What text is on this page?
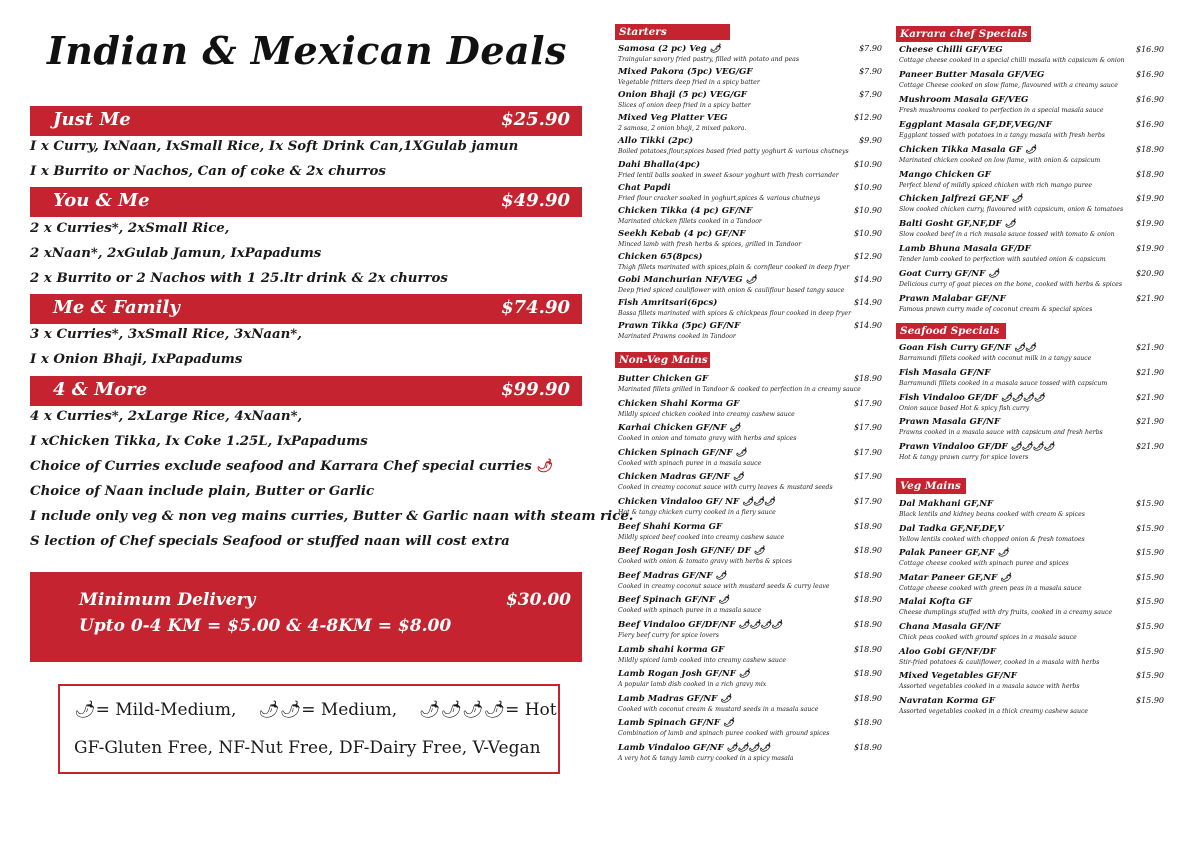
Indian & Mexican Deals
Just Me	$25.90
I x Curry, IxNaan, IxSmall Rice, Ix Soft Drink Can,1XGulab jamun
I x Burrito or Nachos, Can of coke & 2x churros
You & Me	$49.90
2 x Curries*, 2xSmall Rice,
2 xNaan*, 2xGulab Jamun, IxPapadums
2 x Burrito or 2 Nachos with 1 25.ltr drink & 2x churros
Me & Family	$74.90
3 x Curries*, 3xSmall Rice, 3xNaan*,
I x Onion Bhaji, IxPapadums
4 & More	$99.90
4 x Curries*, 2xLarge Rice, 4xNaan*,
I xChicken Tikka, Ix Coke 1.25L, IxPapadums
Choice of Curries exclude seafood and Karrara Chef special curries 🌶
Choice of Naan include plain, Butter or Garlic
I nclude only veg & non veg mains curries, Butter & Garlic naan with steam rice.
S lection of Chef specials Seafood or stuffed naan will cost extra
Minimum Delivery	$30.00
Upto 0-4 KM = $5.00 & 4-8KM = $8.00
🌶= Mild-Medium, 🌶🌶= Medium, 🌶🌶🌶🌶= Hot
GF-Gluten Free, NF-Nut Free, DF-Dairy Free, V-Vegan
Starters
Samosa (2 pc) Veg 🌶	$7.90
Traingular savory fried pastry, filled with potato and peas
Mixed Pakora (5pc) VEG/GF	$7.90
Vegetable fritters deep fried in a spicy batter
Onion Bhaji (5 pc) VEG/GF	$7.90
Slices of onion deep fried in a spicy batter
Mixed Veg Platter VEG	$12.90
2 samosa, 2 onion bhaji, 2 mixed pakora.
Allo Tikki (2pc)	$9.90
Boiled potatoes,flour,spices based fried patty yoghurt & various chutneys
Dahi Bhalla(4pc)	$10.90
Fried lentil balls soaked in sweet &sour yoghurt with fresh corriander
Chat Papdi	$10.90
Fried flour cracker soaked in yoghurt,spices & various chutneys
Chicken Tikka (4 pc) GF/NF	$10.90
Marinated chicken fillets cooked in a Tandoor
Seekh Kebab (4 pc) GF/NF	$10.90
Minced lamb with fresh herbs & spices, grilled in Tandoor
Chicken 65(8pcs)	$12.90
Thigh fillets marinated with spices,plain & cornfleur cooked in deep fryer
Gobi Manchurian NF/VEG 🌶	$14.90
Deep fried spiced cauliflower with onion & cauliflour based tangy sauce
Fish Amritsari(6pcs)	$14.90
Bassa fillets marinated with spices & chickpeas flour cooked in deep fryer
Prawn Tikka (5pc) GF/NF	$14.90
Marinated Prawns cooked in Tandoor
Non-Veg Mains
Butter Chicken GF	$18.90
Marinated fillets grilled in Tandoor & cooked to perfection in a creamy sauce
Chicken Shahi Korma GF	$17.90
Mildly spiced chicken cooked into creamy cashew sauce
Karhai Chicken GF/NF 🌶	$17.90
Cooked in onion and tomato gravy with herbs and spices
Chicken Spinach GF/NF 🌶	$17.90
Cooked with spinach puree in a masala sauce
Chicken Madras GF/NF 🌶	$17.90
Cooked in creamy coconut sauce with curry leaves & mustard seeds
Chicken Vindaloo GF/ NF 🌶🌶🌶	$17.90
Hot & tangy chicken curry cooked in a fiery sauce
Beef Shahi Korma GF	$18.90
Mildly spiced beef cooked into creamy cashew sauce
Beef Rogan Josh GF/NF/ DF 🌶	$18.90
Cooked with onion & tomato gravy with herbs & spices
Beef Madras GF/NF 🌶	$18.90
Cooked in creamy coconut sauce with mustard seeds & curry leave
Beef Spinach GF/NF 🌶	$18.90
Cooked with spinach puree in a masala sauce
Beef Vindaloo GF/DF/NF 🌶🌶🌶🌶	$18.90
Fiery beef curry for spice lovers
Lamb shahi korma GF	$18.90
Mildly spiced lamb cooked into creamy cashew sauce
Lamb Rogan Josh GF/NF 🌶	$18.90
A popular lamb dish cooked in a rich gravy mix
Lamb Madras GF/NF 🌶	$18.90
Cooked with coconut cream & mustard seeds in a masala sauce
Lamb Spinach GF/NF 🌶	$18.90
Combination of lamb and spinach puree cooked with ground spices
Lamb Vindaloo GF/NF 🌶🌶🌶🌶	$18.90
A very hot & tangy lamb curry cooked in a spicy masala
Karrara chef Specials
Cheese Chilli GF/VEG	$16.90
Cottage cheese cooked in a special chilli masala with capsicum & onion
Paneer Butter Masala GF/VEG	$16.90
Cottage Cheese cooked on slow flame, flavoured with a creamy sauce
Mushroom Masala GF/VEG	$16.90
Fresh mushrooms cooked to perfection in a special masala sauce
Eggplant Masala GF,DF,VEG/NF	$16.90
Eggplant tossed with potatoes in a tangy masala with fresh herbs
Chicken Tikka Masala GF 🌶	$18.90
Marinated chicken cooked on low flame, with onion & capsicum
Mango Chicken GF	$18.90
Perfect blend of mildly spiced chicken with rich mango puree
Chicken Jalfrezi GF,NF 🌶	$19.90
Slow cooked chicken curry, flavoured with capsicum, onion & tomatoes
Balti Gosht GF,NF,DF 🌶	$19.90
Slow cooked beef in a rich masala sauce tossed with tomato & onion
Lamb Bhuna Masala GF/DF	$19.90
Tender lamb cooked to perfection with sautéed onion & capsicum
Goat Curry GF/NF 🌶	$20.90
Delicious curry of goat pieces on the bone, cooked with herbs & spices
Prawn Malabar GF/NF	$21.90
Famous prawn curry made of coconut cream & special spices
Seafood Specials
Goan Fish Curry GF/NF 🌶🌶	$21.90
Barramundi fillets cooked with coconut milk in a tangy sauce
Fish Masala GF/NF	$21.90
Barramundi fillets cooked in a masala sauce tossed with capsicum
Fish Vindaloo GF/DF 🌶🌶🌶🌶	$21.90
Onion sauce based Hot & spicy fish curry
Prawn Masala GF/NF	$21.90
Prawns cooked in a masala sauce with capsicum and fresh herbs
Prawn Vindaloo GF/DF 🌶🌶🌶🌶	$21.90
Hot & tangy prawn curry for spice lovers
Veg Mains
Dal Makhani GF,NF	$15.90
Black lentils and kidney beans cooked with cream & spices
Dal Tadka GF,NF,DF,V	$15.90
Yellow lentils cooked with chopped onion & fresh tomatoes
Palak Paneer GF,NF 🌶	$15.90
Cottage cheese cooked with spinach puree and spices
Matar Paneer GF,NF 🌶	$15.90
Cottage cheese cooked with green peas in a masala sauce
Malai Kofta GF	$15.90
Cheese dumplings stuffed with dry fruits, cooked in a creamy sauce
Chana Masala GF/NF	$15.90
Chick peas cooked with ground spices in a masala sauce
Aloo Gobi GF/NF/DF	$15.90
Stir-fried potatoes & cauliflower, cooked in a masala with herbs
Mixed Vegetables GF/NF	$15.90
Assorted vegetables cooked in a masala sauce with herbs
Navratan Korma GF	$15.90
Assorted vegetables cooked in a thick creamy cashew sauce
